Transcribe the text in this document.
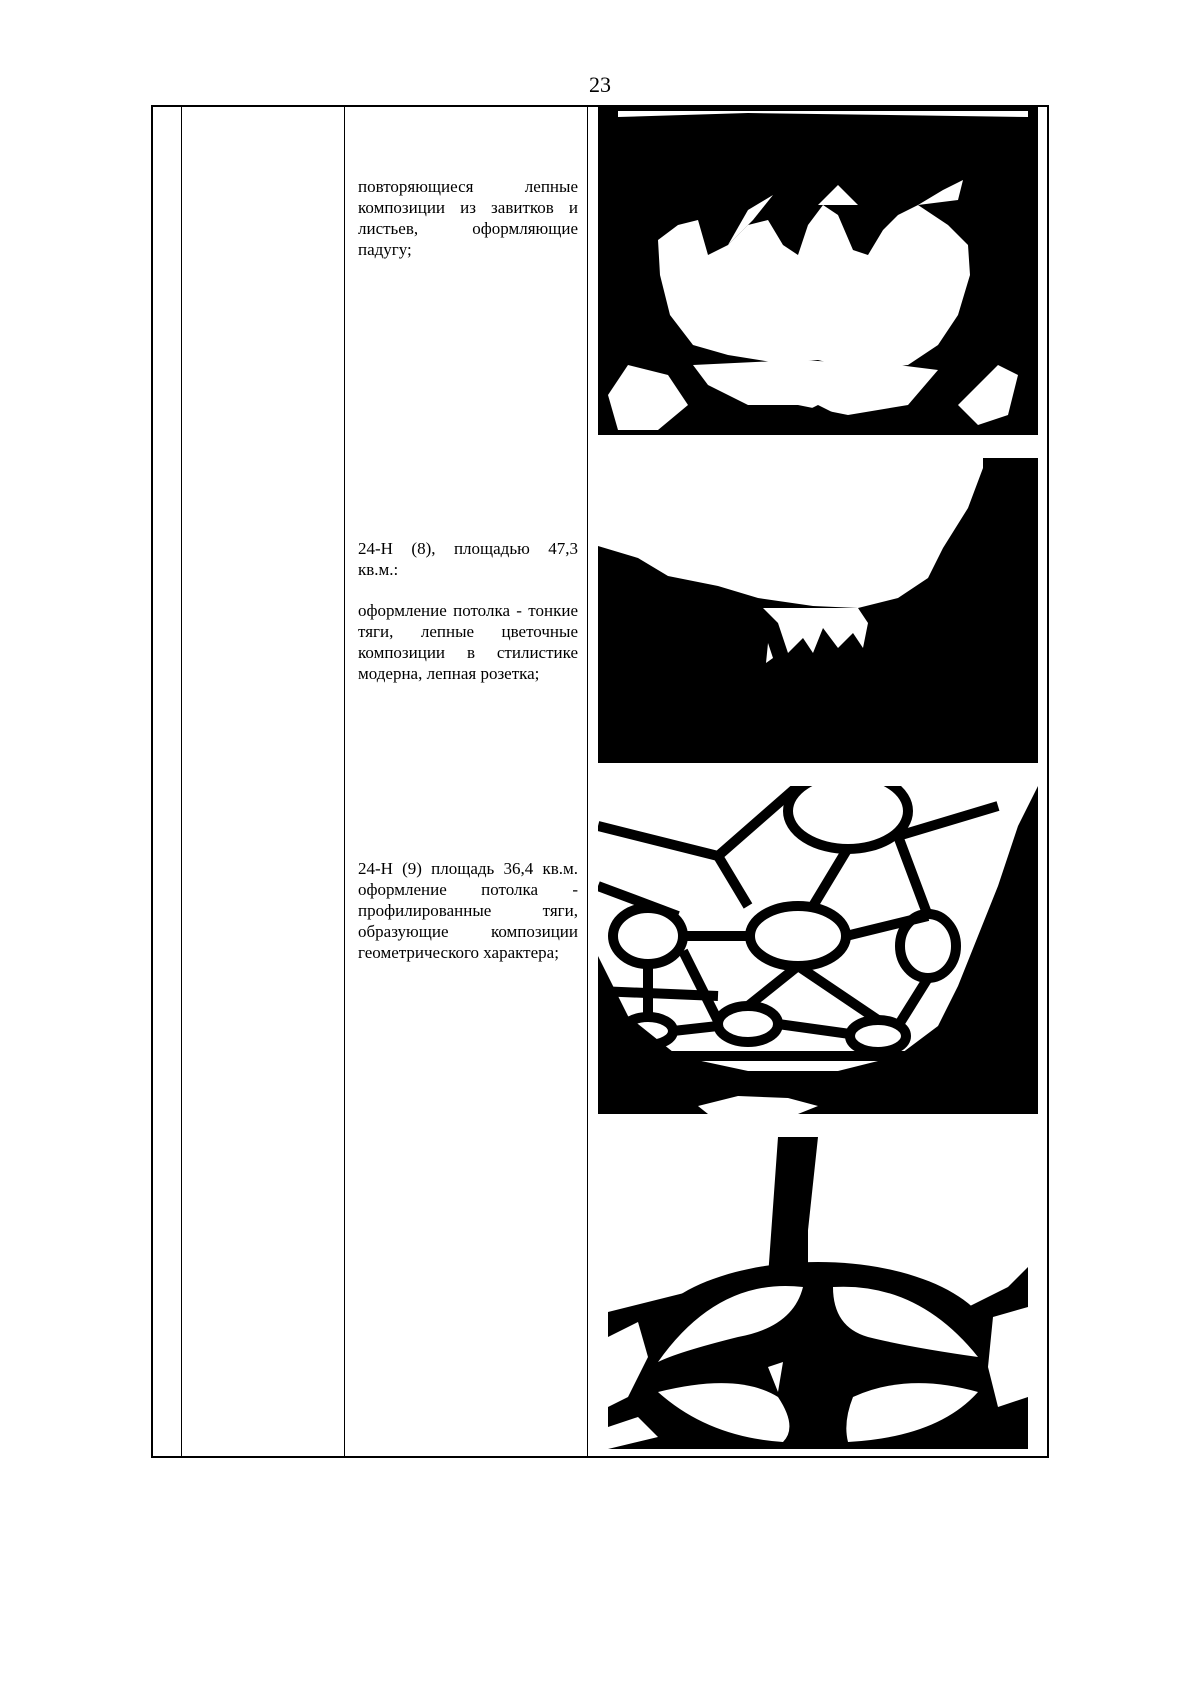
23

повторяющиеся лепные композиции из завитков и листьев, оформляющие падугу;

24-Н (8), площадью 47,3 кв.м.:

оформление потолка - тонкие тяги, лепные цветочные композиции в стилистике модерна, лепная розетка;

24-Н (9) площадь 36,4 кв.м. оформление потолка - профилированные тяги, образующие композиции геометрического характера;
